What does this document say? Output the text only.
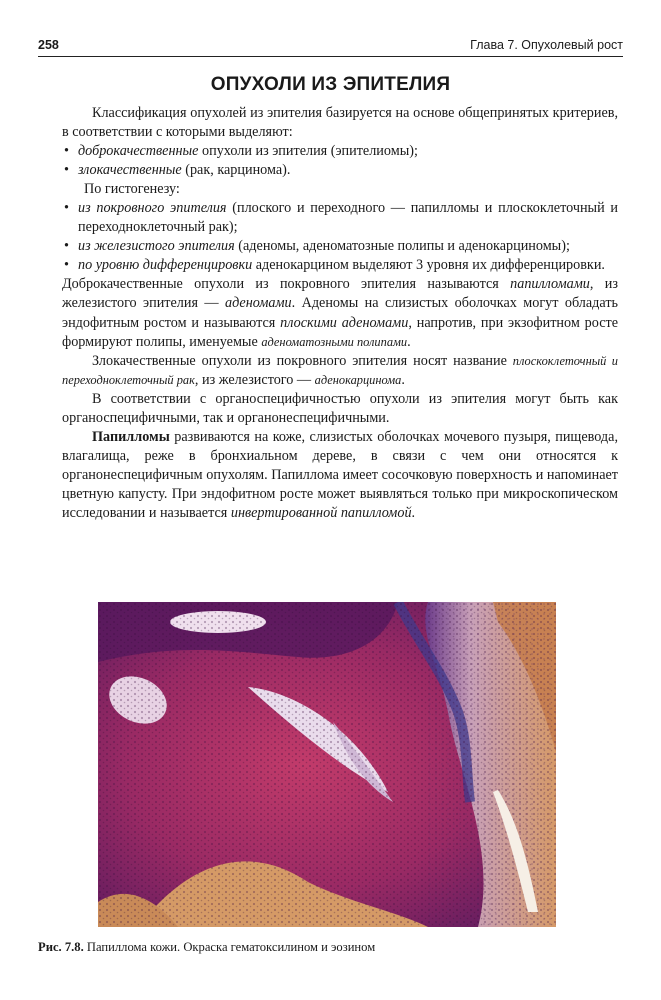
258	Глава 7. Опухолевый рост
ОПУХОЛИ ИЗ ЭПИТЕЛИЯ

Классификация опухолей из эпителия базируется на основе общепринятых критериев, в соответствии с которыми выделяют:

• доброкачественные опухоли из эпителия (эпителиомы);
• злокачественные (рак, карцинома).

По гистогенезу:

• из покровного эпителия (плоского и переходного — папилломы и плоскоклеточный и переходноклеточный рак);
• из железистого эпителия (аденомы, аденоматозные полипы и аденокарциномы);
• по уровню дифференцировки аденокарцином выделяют 3 уровня их дифференцировки.

Доброкачественные опухоли из покровного эпителия называются папилломами, из железистого эпителия — аденомами. Аденомы на слизистых оболочках могут обладать эндофитным ростом и называются плоскими аденомами, напротив, при экзофитном росте формируют полипы, именуемые аденоматозными полипами.

Злокачественные опухоли из покровного эпителия носят название плоскоклеточный и переходноклеточный рак, из железистого — аденокарцинома.

В соответствии с органоспецифичностью опухоли из эпителия могут быть как органоспецифичными, так и органонеспецифичными.

Папилломы развиваются на коже, слизистых оболочках мочевого пузыря, пищевода, влагалища, реже в бронхиальном дереве, в связи с чем они относятся к органонеспецифичным опухолям. Папиллома имеет сосочковую поверхность и напоминает цветную капусту. При эндофитном росте может выявляться только при микроскопическом исследовании и называется инвертированной папилломой.

Рис. 7.8. Папиллома кожи. Окраска гематоксилином и эозином
